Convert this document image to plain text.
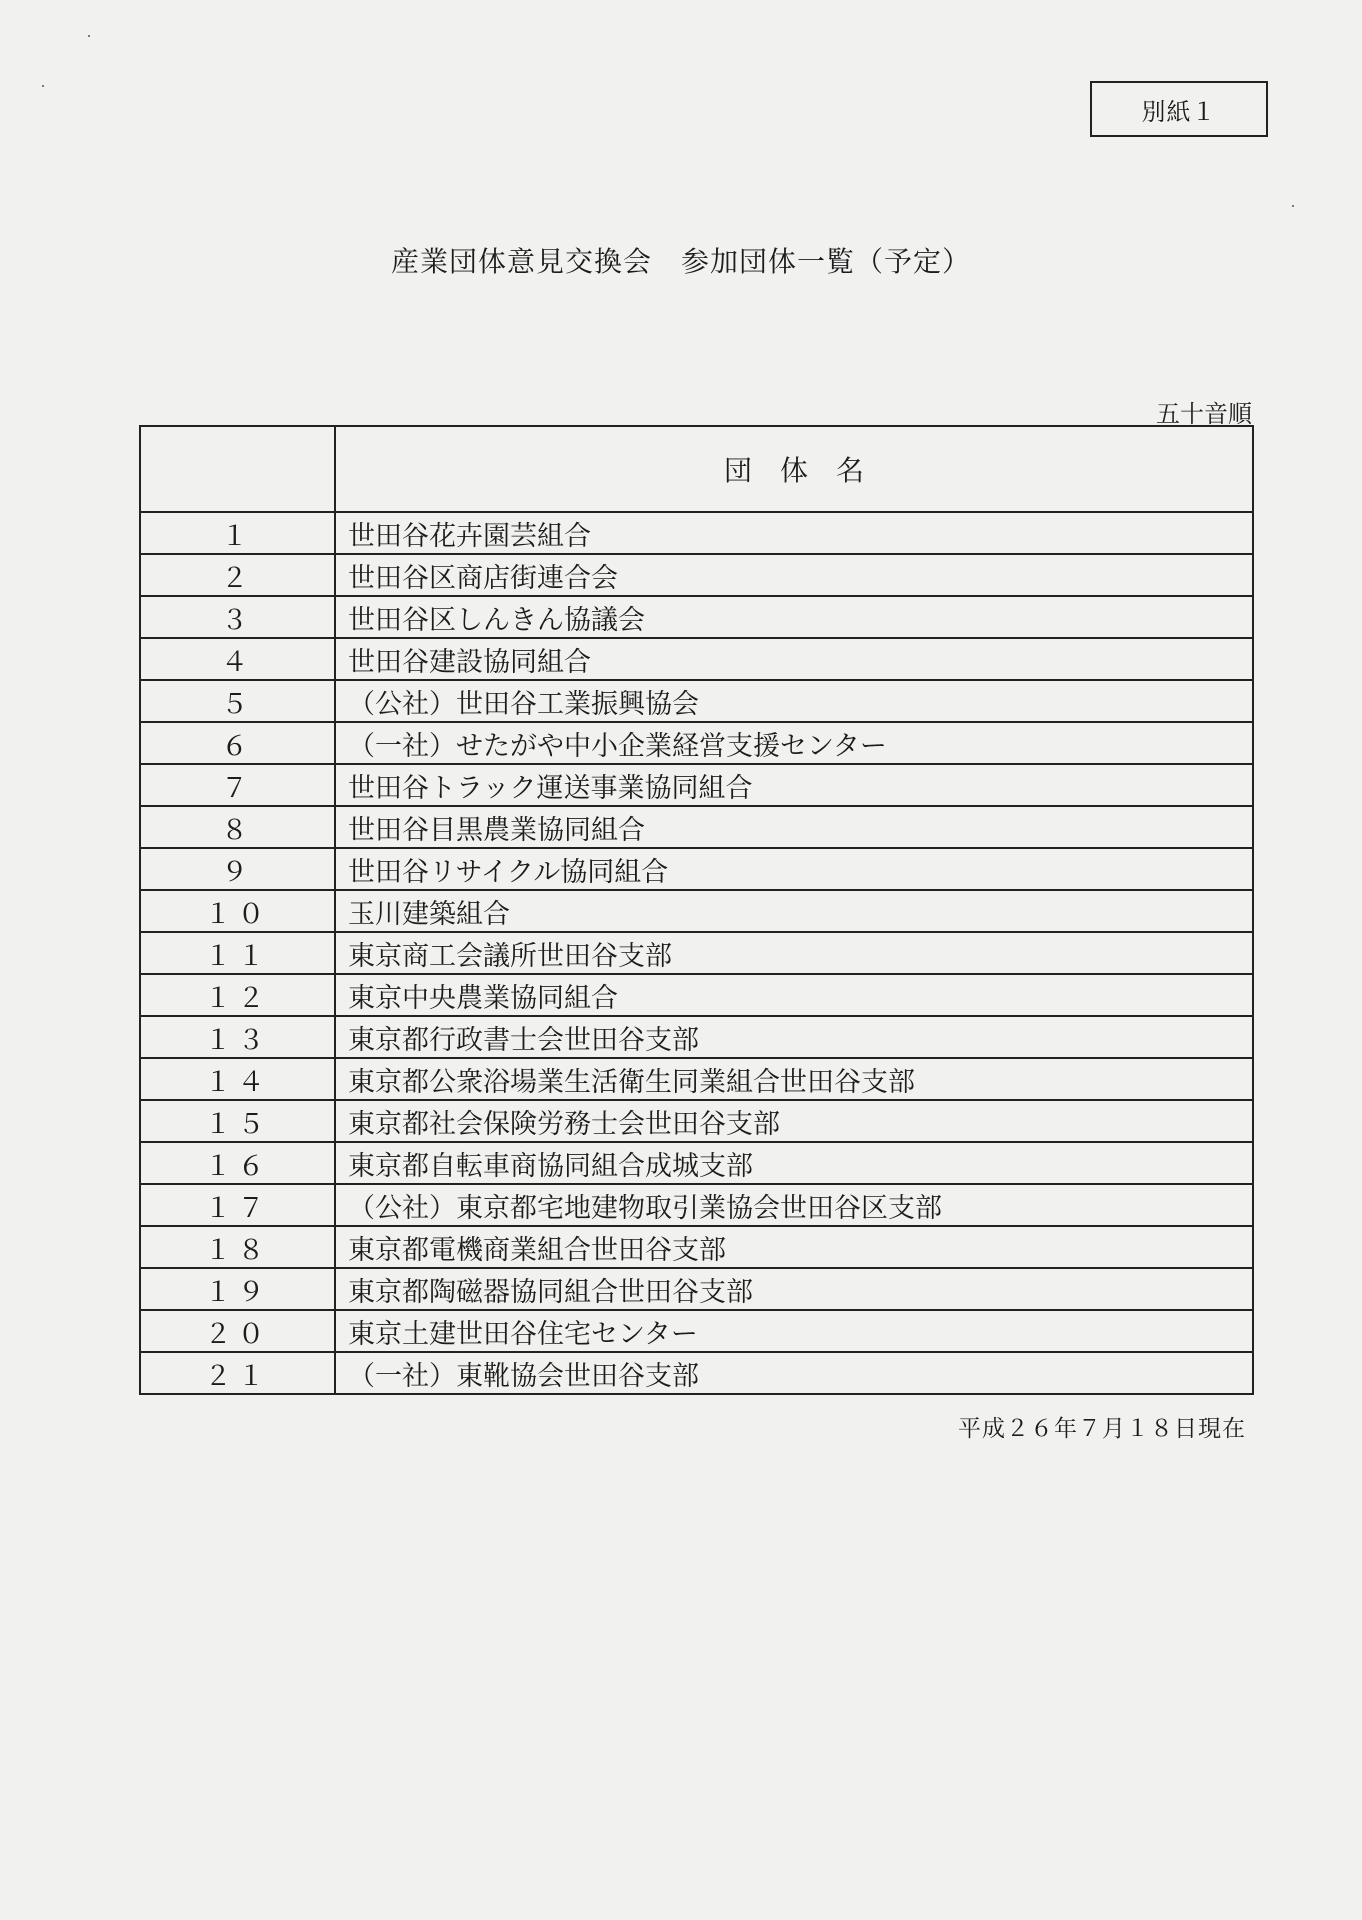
別紙１
産業団体意見交換会　参加団体一覧（予定）
五十音順
	団体名
１	世田谷花卉園芸組合
２	世田谷区商店街連合会
３	世田谷区しんきん協議会
４	世田谷建設協同組合
５	（公社）世田谷工業振興協会
６	（一社）せたがや中小企業経営支援センター
７	世田谷トラック運送事業協同組合
８	世田谷目黒農業協同組合
９	世田谷リサイクル協同組合
１０	玉川建築組合
１１	東京商工会議所世田谷支部
１２	東京中央農業協同組合
１３	東京都行政書士会世田谷支部
１４	東京都公衆浴場業生活衛生同業組合世田谷支部
１５	東京都社会保険労務士会世田谷支部
１６	東京都自転車商協同組合成城支部
１７	（公社）東京都宅地建物取引業協会世田谷区支部
１８	東京都電機商業組合世田谷支部
１９	東京都陶磁器協同組合世田谷支部
２０	東京土建世田谷住宅センター
２１	（一社）東靴協会世田谷支部
平成２６年７月１８日現在
